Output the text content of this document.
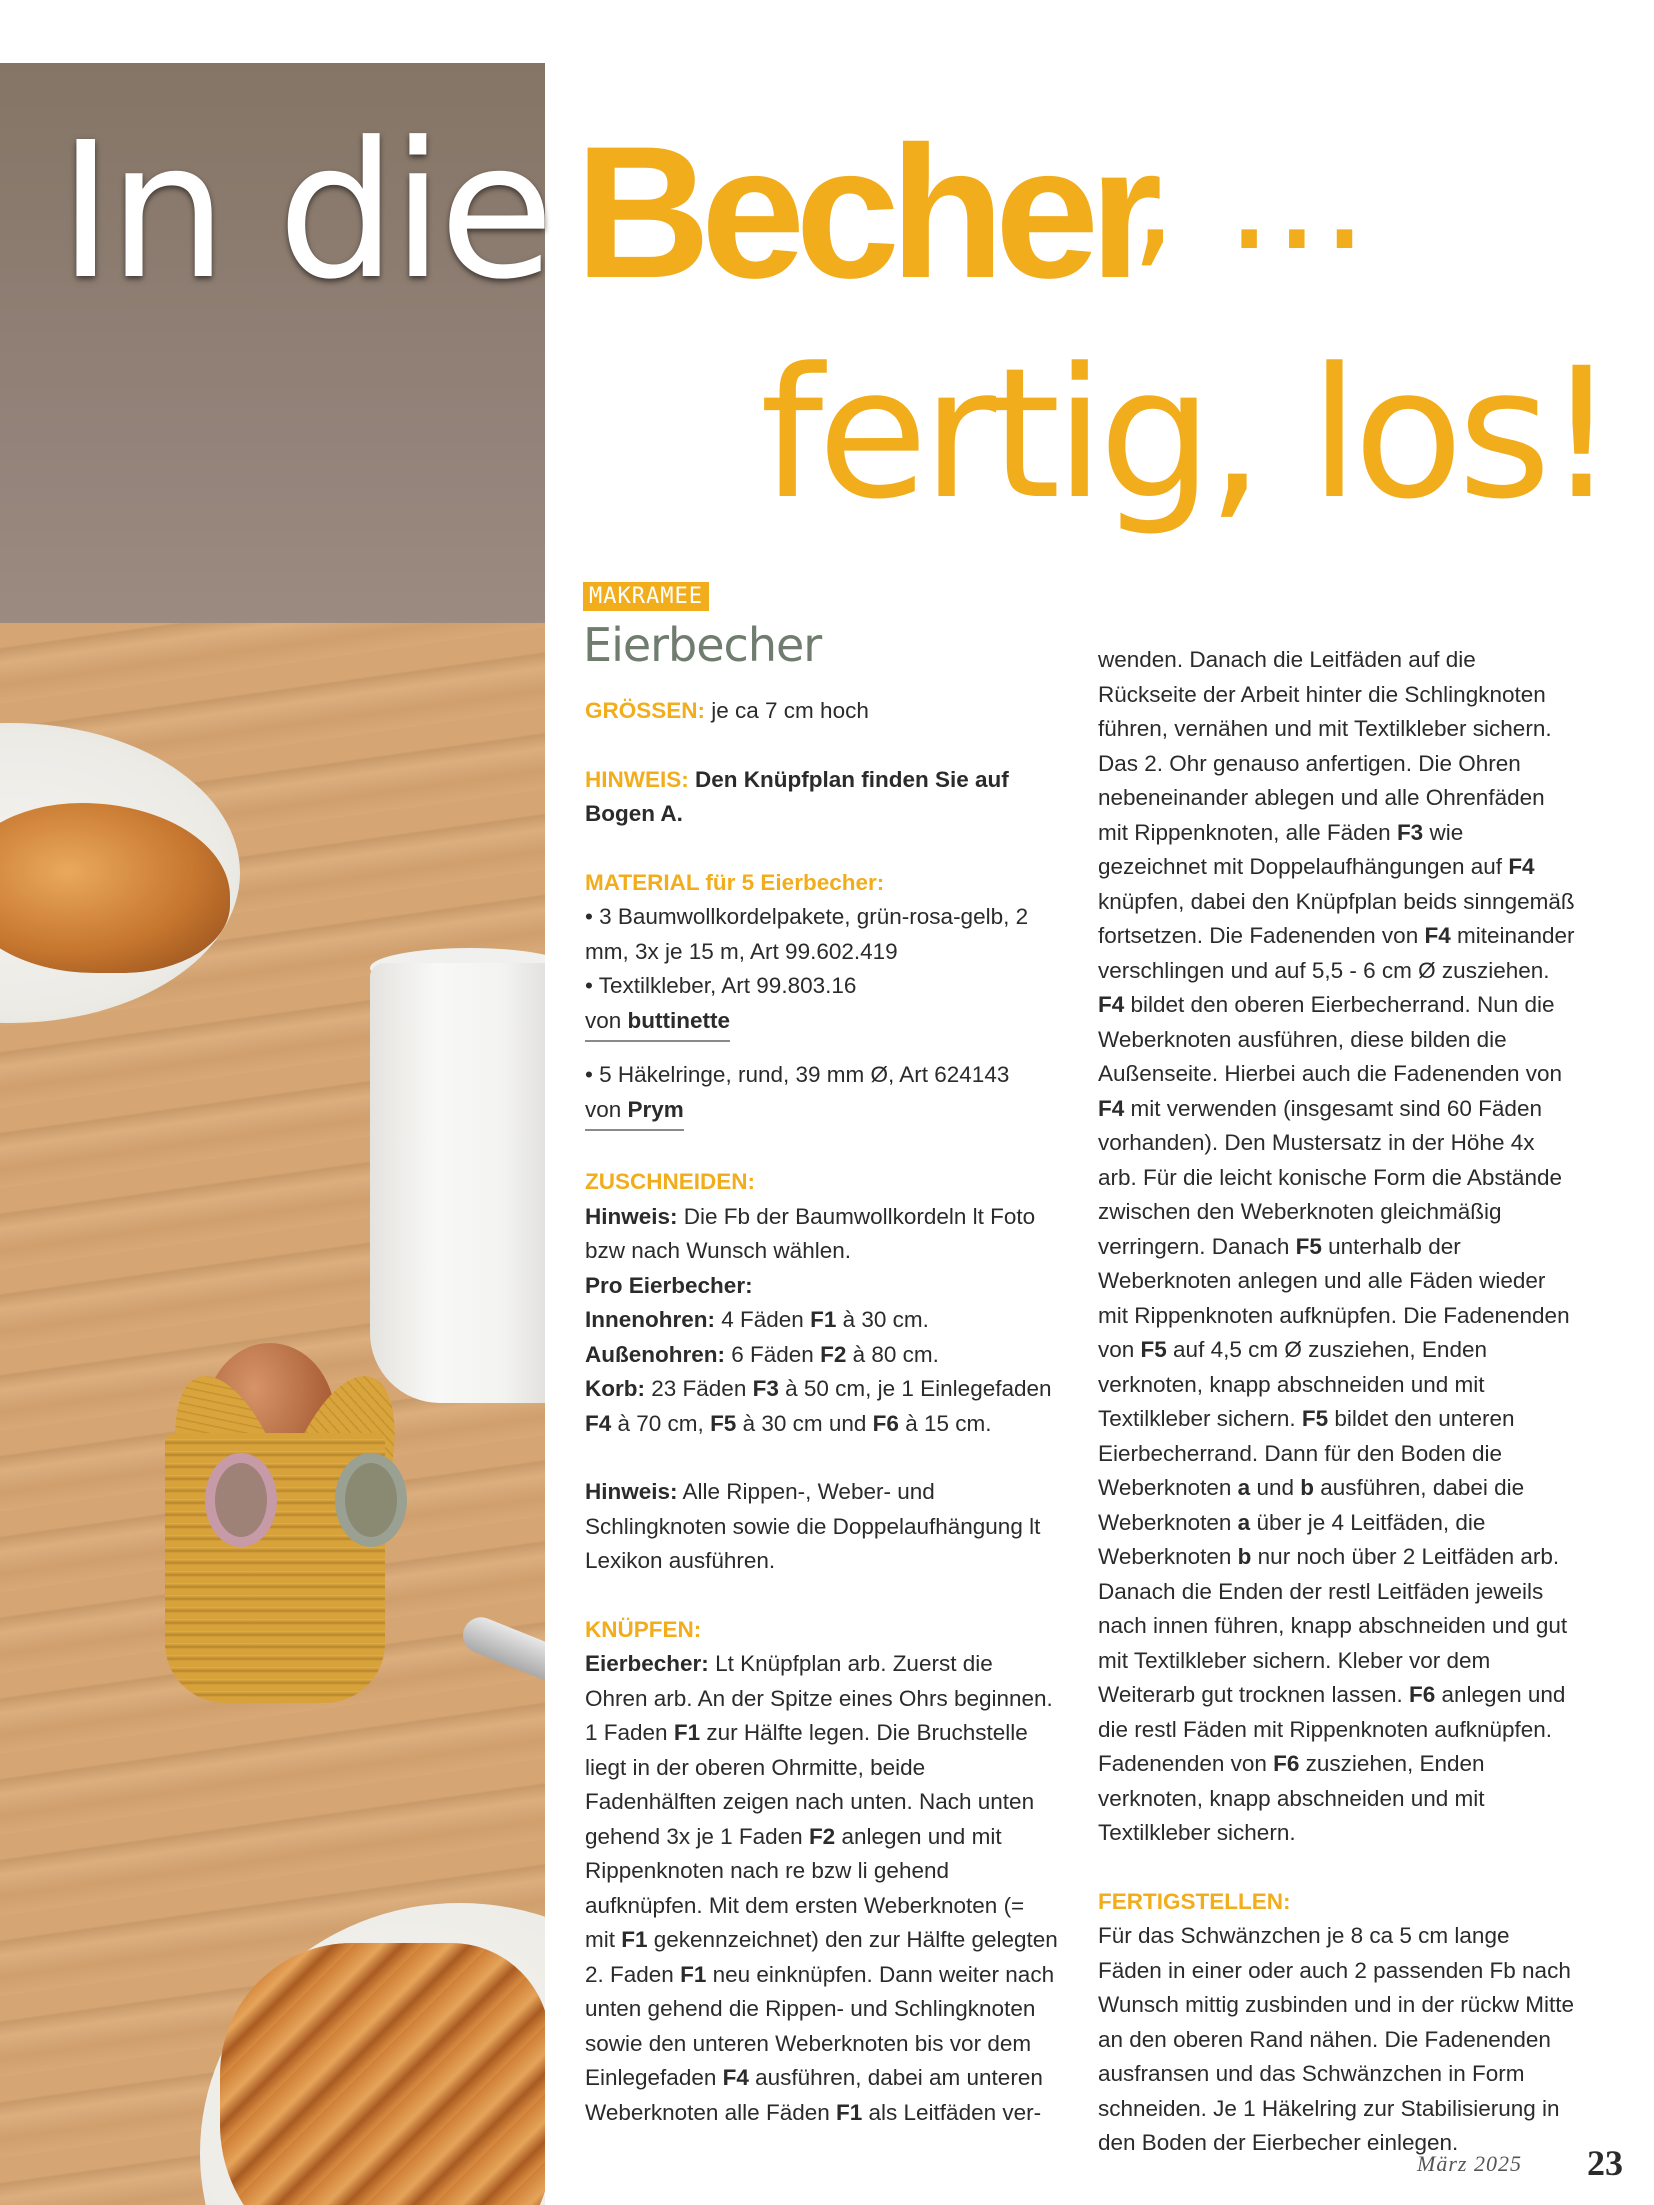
In die Becher
, ...
fertig, los!
MAKRAMEE
Eierbecher

GRÖSSEN: je ca 7 cm hoch

HINWEIS: Den Knüpfplan finden Sie auf Bogen A.

MATERIAL für 5 Eierbecher:

• 3 Baumwollkordelpakete, grün-rosa-gelb, 2 mm, 3x je 15 m, Art 99.602.419

• Textilkleber, Art 99.803.16

von buttinette

• 5 Häkelringe, rund, 39 mm Ø, Art 624143

von Prym

ZUSCHNEIDEN:

Hinweis: Die Fb der Baumwollkordeln lt Foto bzw nach Wunsch wählen.

Pro Eierbecher:

Innenohren: 4 Fäden F1 à 30 cm.

Außenohren: 6 Fäden F2 à 80 cm.

Korb: 23 Fäden F3 à 50 cm, je 1 Einlegefaden F4 à 70 cm, F5 à 30 cm und F6 à 15 cm.

Hinweis: Alle Rippen-, Weber- und Schlingknoten sowie die Doppelaufhängung lt Lexikon ausführen.

KNÜPFEN:

Eierbecher: Lt Knüpfplan arb. Zuerst die Ohren arb. An der Spitze eines Ohrs beginnen. 1 Faden F1 zur Hälfte legen. Die Bruchstelle liegt in der oberen Ohrmitte, beide Fadenhälften zeigen nach unten. Nach unten gehend 3x je 1 Faden F2 anlegen und mit Rippenknoten nach re bzw li gehend aufknüpfen. Mit dem ersten Weberknoten (= mit F1 gekennzeichnet) den zur Hälfte gelegten 2. Faden F1 neu einknüpfen. Dann weiter nach unten gehend die Rippen- und Schlingknoten sowie den unteren Weberknoten bis vor dem Einlegefaden F4 ausführen, dabei am unteren Weberknoten alle Fäden F1 als Leitfäden ver-

wenden. Danach die Leitfäden auf die Rückseite der Arbeit hinter die Schlingknoten führen, vernähen und mit Textilkleber sichern. Das 2. Ohr genauso anfertigen. Die Ohren nebeneinander ablegen und alle Ohrenfäden mit Rippenknoten, alle Fäden F3 wie gezeichnet mit Doppelaufhängungen auf F4 knüpfen, dabei den Knüpfplan beids sinngemäß fortsetzen. Die Fadenenden von F4 miteinander verschlingen und auf 5,5 - 6 cm Ø zusziehen. F4 bildet den oberen Eierbecherrand. Nun die Weberknoten ausführen, diese bilden die Außenseite. Hierbei auch die Fadenenden von F4 mit verwenden (insgesamt sind 60 Fäden vorhanden). Den Mustersatz in der Höhe 4x arb. Für die leicht konische Form die Abstände zwischen den Weberknoten gleichmäßig verringern. Danach F5 unterhalb der Weberknoten anlegen und alle Fäden wieder mit Rippenknoten aufknüpfen. Die Fadenenden von F5 auf 4,5 cm Ø zusziehen, Enden verknoten, knapp abschneiden und mit Textilkleber sichern. F5 bildet den unteren Eierbecherrand. Dann für den Boden die Weberknoten a und b ausführen, dabei die Weberknoten a über je 4 Leitfäden, die Weberknoten b nur noch über 2 Leitfäden arb. Danach die Enden der restl Leitfäden jeweils nach innen führen, knapp abschneiden und gut mit Textilkleber sichern. Kleber vor dem Weiterarb gut trocknen lassen. F6 anlegen und die restl Fäden mit Rippenknoten aufknüpfen. Fadenenden von F6 zusziehen, Enden verknoten, knapp abschneiden und mit Textilkleber sichern.

FERTIGSTELLEN:

Für das Schwänzchen je 8 ca 5 cm lange Fäden in einer oder auch 2 passenden Fb nach Wunsch mittig zusbinden und in der rückw Mitte an den oberen Rand nähen. Die Fadenenden ausfransen und das Schwänzchen in Form schneiden. Je 1 Häkelring zur Stabilisierung in den Boden der Eierbecher einlegen.

März 2025 23
